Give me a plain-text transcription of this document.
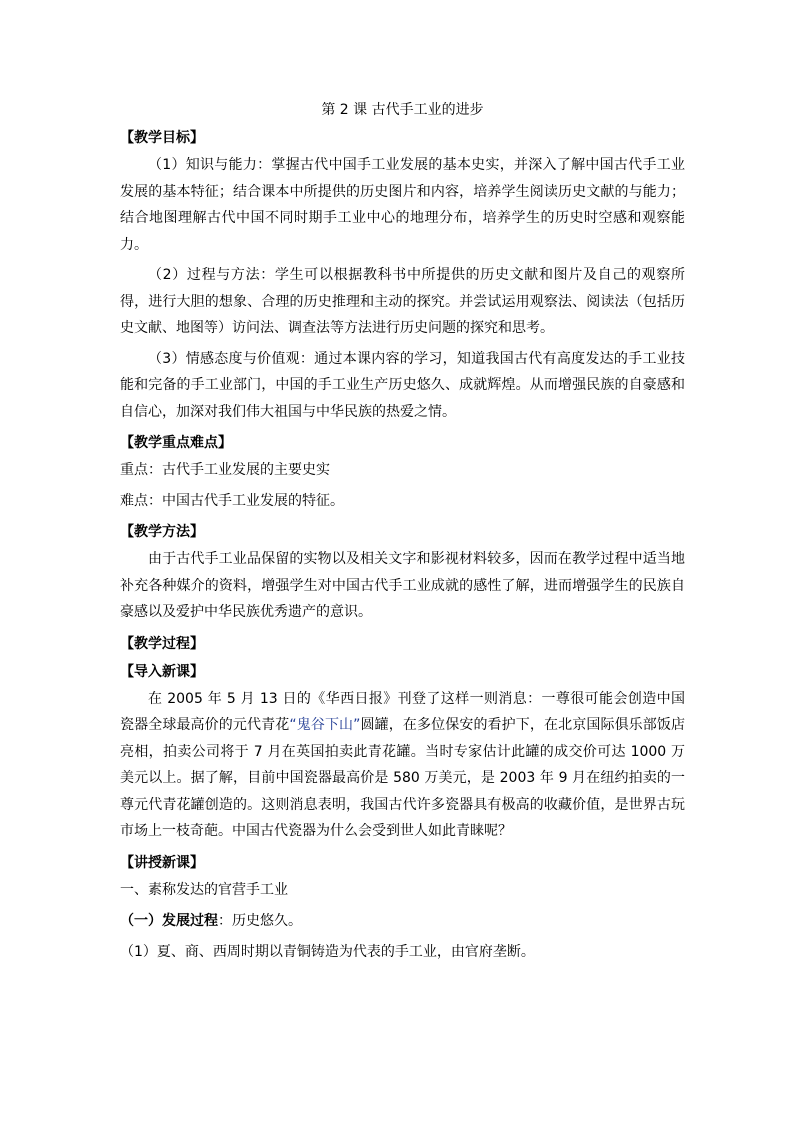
第 2 课 古代手工业的进步
【教学目标】

（1）知识与能力：掌握古代中国手工业发展的基本史实，并深入了解中国古代手工业发展的基本特征；结合课本中所提供的历史图片和内容，培养学生阅读历史文献的与能力；结合地图理解古代中国不同时期手工业中心的地理分布，培养学生的历史时空感和观察能力。

（2）过程与方法：学生可以根据教科书中所提供的历史文献和图片及自己的观察所得，进行大胆的想象、合理的历史推理和主动的探究。并尝试运用观察法、阅读法（包括历史文献、地图等）访问法、调查法等方法进行历史问题的探究和思考。

（3）情感态度与价值观：通过本课内容的学习，知道我国古代有高度发达的手工业技能和完备的手工业部门，中国的手工业生产历史悠久、成就辉煌。从而增强民族的自豪感和自信心，加深对我们伟大祖国与中华民族的热爱之情。

【教学重点难点】
重点：古代手工业发展的主要史实
难点：中国古代手工业发展的特征。
【教学方法】

由于古代手工业品保留的实物以及相关文字和影视材料较多，因而在教学过程中适当地补充各种媒介的资料，增强学生对中国古代手工业成就的感性了解，进而增强学生的民族自豪感以及爱护中华民族优秀遗产的意识。

【教学过程】
【导入新课】

在 2005 年 5 月 13 日的《华西日报》刊登了这样一则消息：一尊很可能会创造中国瓷器全球最高价的元代青花“鬼谷下山”圆罐，在多位保安的看护下，在北京国际俱乐部饭店亮相，拍卖公司将于 7 月在英国拍卖此青花罐。当时专家估计此罐的成交价可达 1000 万美元以上。据了解，目前中国瓷器最高价是 580 万美元，是 2003 年 9 月在纽约拍卖的一尊元代青花罐创造的。这则消息表明，我国古代许多瓷器具有极高的收藏价值，是世界古玩市场上一枝奇葩。中国古代瓷器为什么会受到世人如此青睐呢？

【讲授新课】
一、素称发达的官营手工业
（一）发展过程：历史悠久。
（1）夏、商、西周时期以青铜铸造为代表的手工业，由官府垄断。
